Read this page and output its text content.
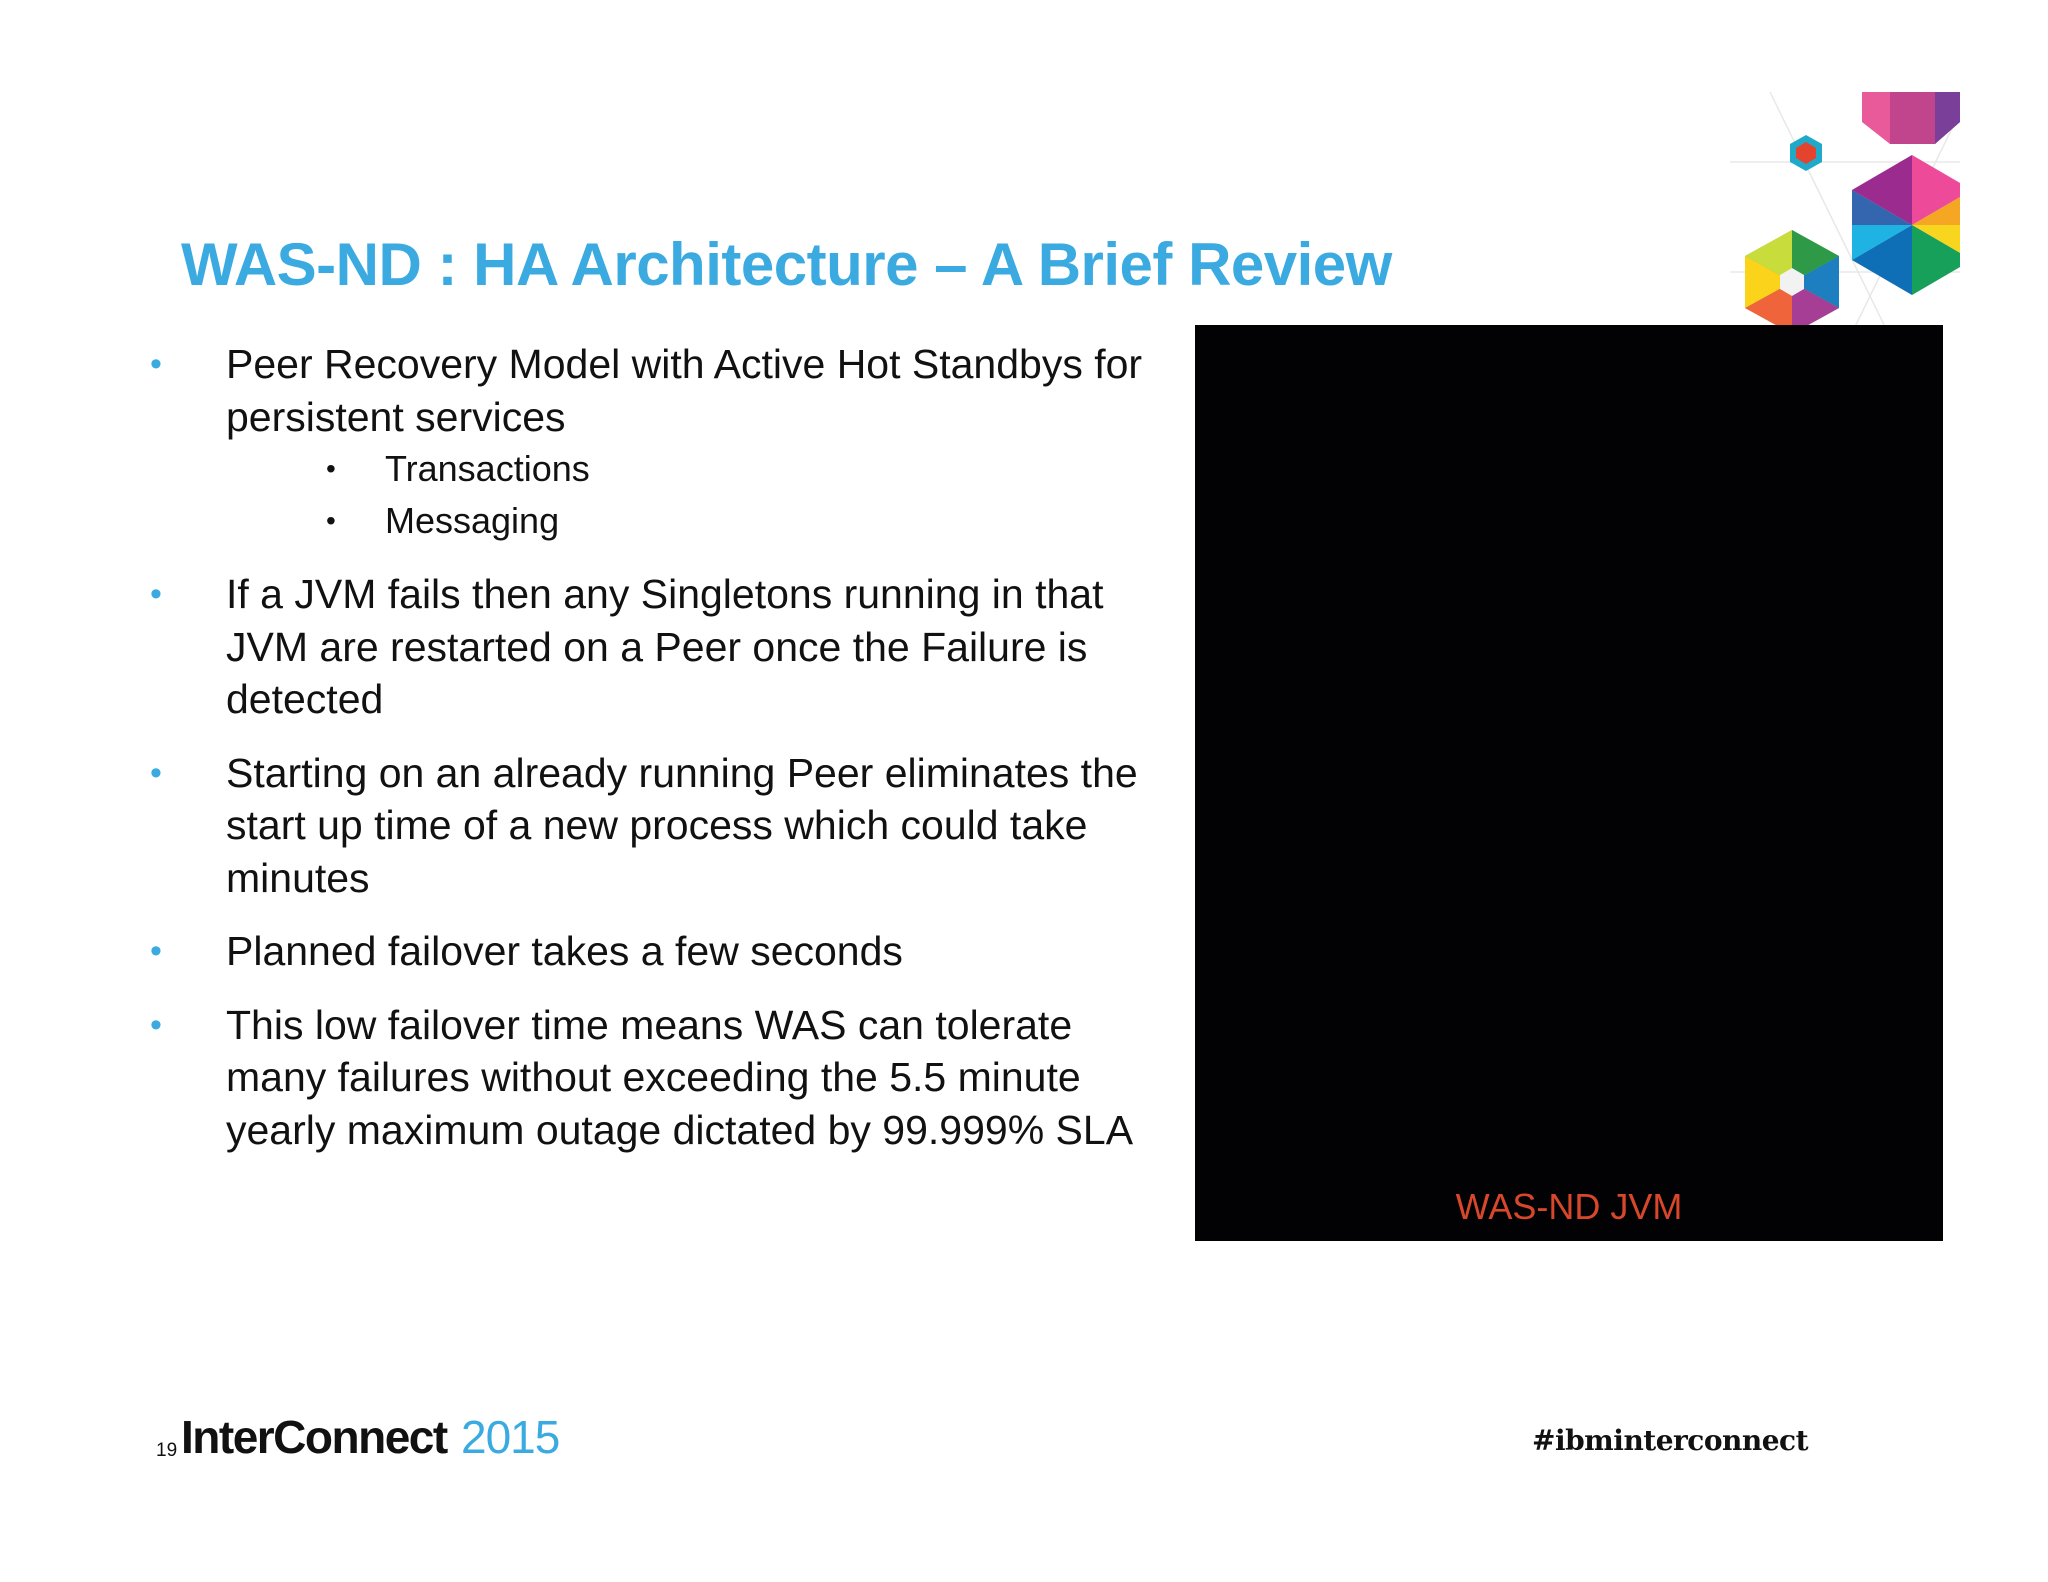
WAS-ND : HA Architecture – A Brief Review
• Peer Recovery Model with Active Hot Standbys for persistent services
• Transactions
• Messaging
• If a JVM fails then any Singletons running in that JVM are restarted on a Peer once the Failure is detected
• Starting on an already running Peer eliminates the start up time of a new process which could take minutes
• Planned failover takes a few seconds
• This low failover time means WAS can tolerate many failures without exceeding the 5.5 minute yearly maximum outage dictated by 99.999% SLA
WAS-ND JVM
19 InterConnect 2015	#ibminterconnect
